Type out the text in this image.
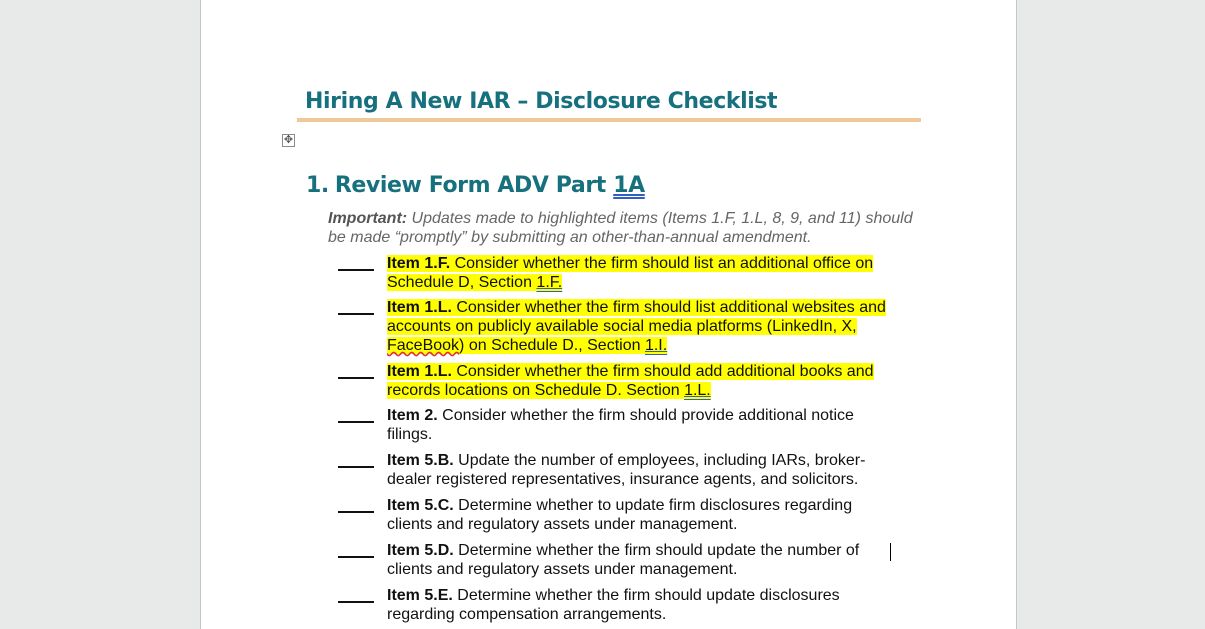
Hiring A New IAR – Disclosure Checklist
✥
1. Review Form ADV Part 1A
Important: Updates made to highlighted items (Items 1.F, 1.L, 8, 9, and 11) should be made “promptly” by submitting an other-than-annual amendment.
Item 1.F. Consider whether the firm should list an additional office on Schedule D, Section 1.F.
Item 1.L. Consider whether the firm should list additional websites and accounts on publicly available social media platforms (LinkedIn, X, FaceBook) on Schedule D., Section 1.I.
Item 1.L. Consider whether the firm should add additional books and records locations on Schedule D. Section 1.L.
Item 2. Consider whether the firm should provide additional notice filings.
Item 5.B. Update the number of employees, including IARs, broker-dealer registered representatives, insurance agents, and solicitors.
Item 5.C. Determine whether to update firm disclosures regarding clients and regulatory assets under management.
Item 5.D. Determine whether the firm should update the number of clients and regulatory assets under management.
Item 5.E. Determine whether the firm should update disclosures regarding compensation arrangements.
